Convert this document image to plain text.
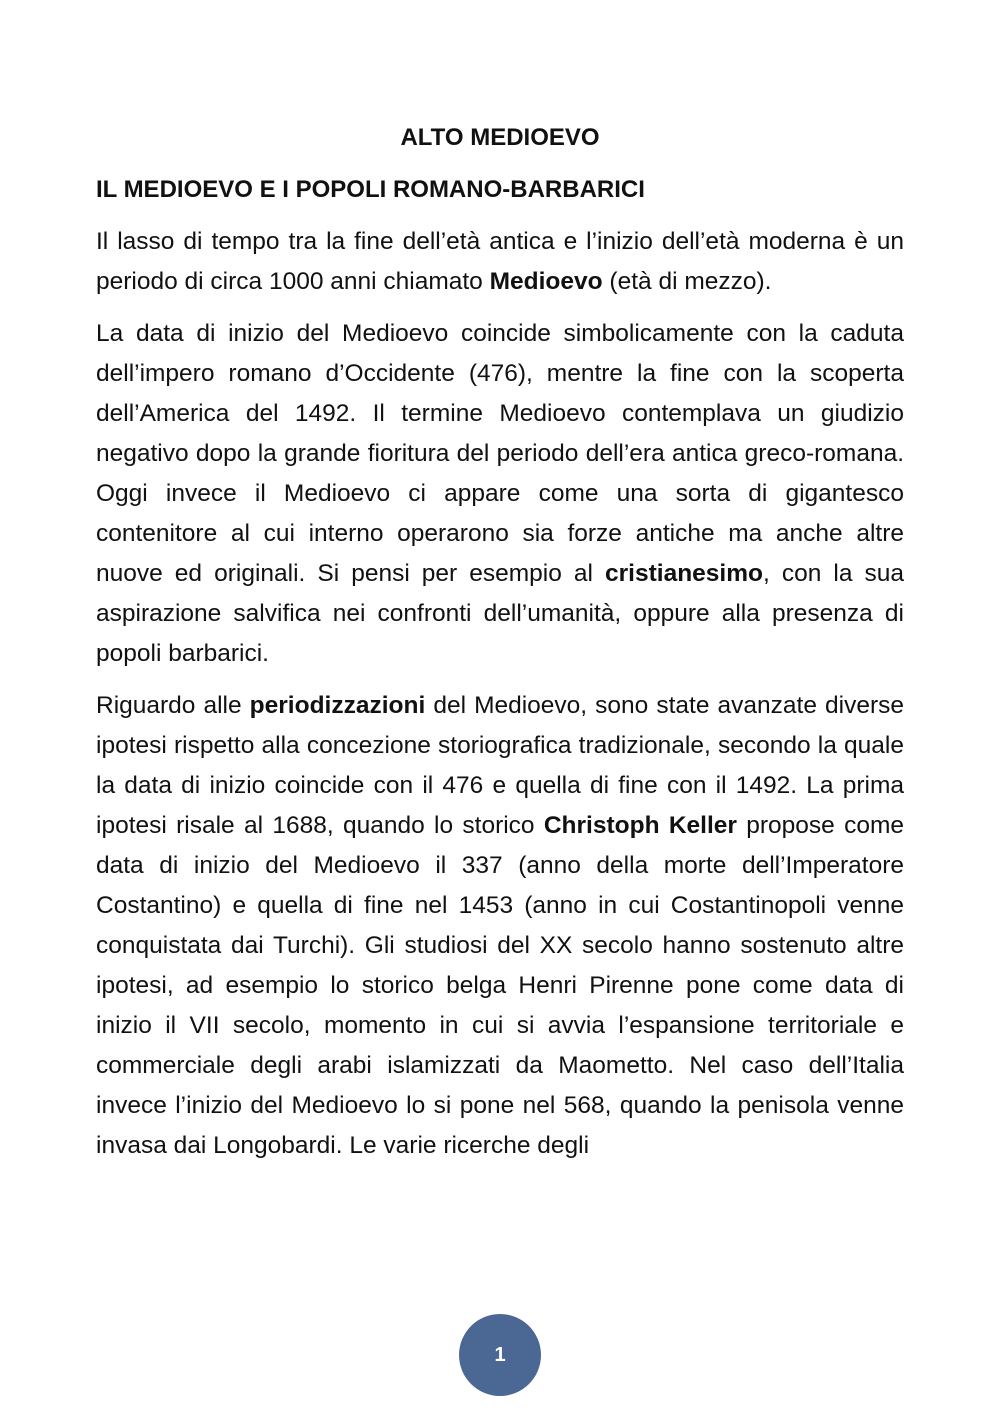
ALTO MEDIOEVO
IL MEDIOEVO E I POPOLI ROMANO-BARBARICI

Il lasso di tempo tra la fine dell’età antica e l’inizio dell’età moderna è un periodo di circa 1000 anni chiamato Medioevo (età di mezzo).

La data di inizio del Medioevo coincide simbolicamente con la caduta dell’impero romano d’Occidente (476), mentre la fine con la scoperta dell’America del 1492. Il termine Medioevo contemplava un giudizio negativo dopo la grande fioritura del periodo dell’era antica greco-romana. Oggi invece il Medioevo ci appare come una sorta di gigantesco contenitore al cui interno operarono sia forze antiche ma anche altre nuove ed originali. Si pensi per esempio al cristianesimo, con la sua aspirazione salvifica nei confronti dell’umanità, oppure alla presenza di popoli barbarici.

Riguardo alle periodizzazioni del Medioevo, sono state avanzate diverse ipotesi rispetto alla concezione storiografica tradizionale, secondo la quale la data di inizio coincide con il 476 e quella di fine con il 1492. La prima ipotesi risale al 1688, quando lo storico Christoph Keller propose come data di inizio del Medioevo il 337 (anno della morte dell’Imperatore Costantino) e quella di fine nel 1453 (anno in cui Costantinopoli venne conquistata dai Turchi). Gli studiosi del XX secolo hanno sostenuto altre ipotesi, ad esempio lo storico belga Henri Pirenne pone come data di inizio il VII secolo, momento in cui si avvia l’espansione territoriale e commerciale degli arabi islamizzati da Maometto. Nel caso dell’Italia invece l’inizio del Medioevo lo si pone nel 568, quando la penisola venne invasa dai Longobardi. Le varie ricerche degli

1
